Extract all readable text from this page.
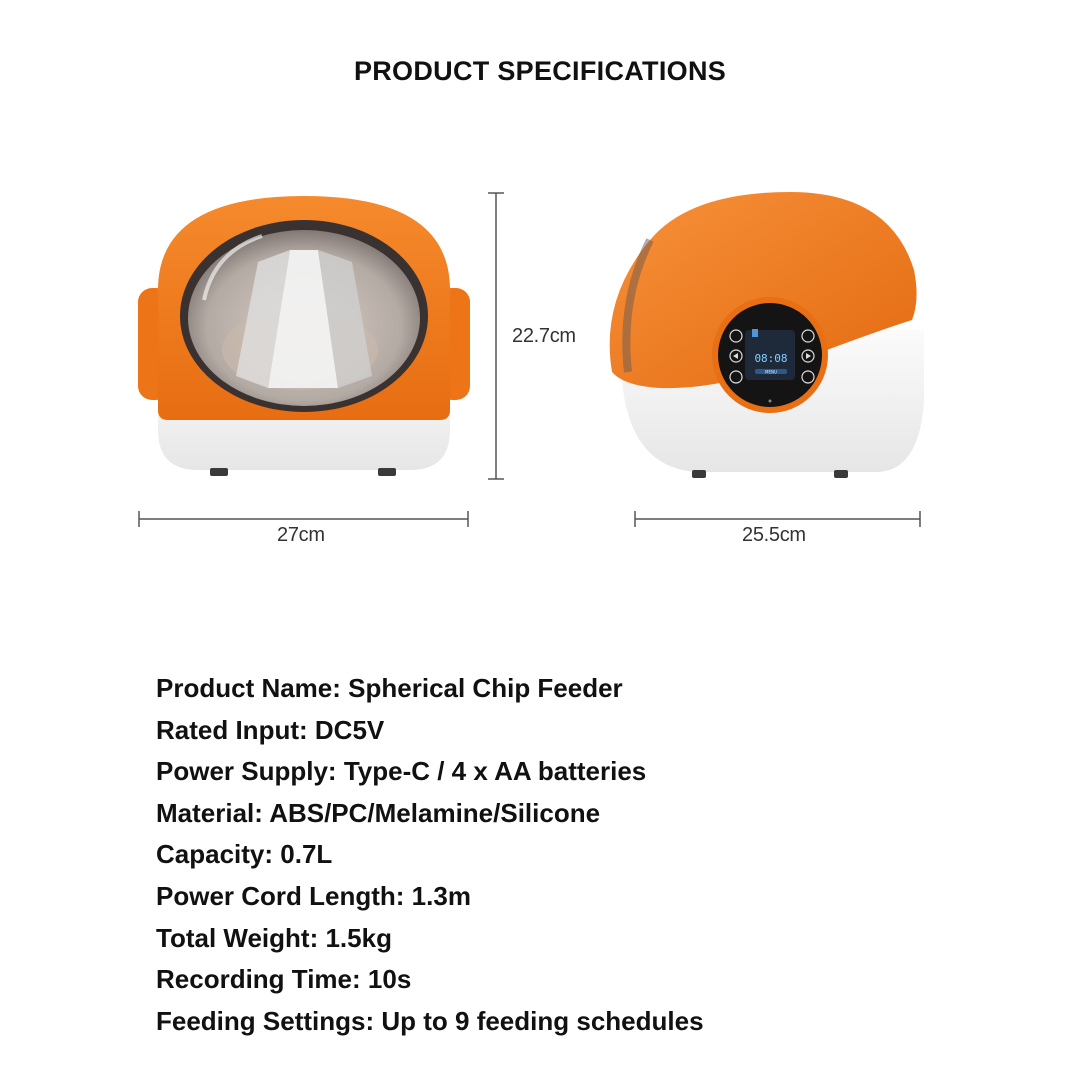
PRODUCT SPECIFICATIONS
08:08
MENU
22.7cm
27cm	25.5cm
Product Name: Spherical Chip Feeder
Rated Input: DC5V
Power Supply: Type-C / 4 x AA batteries
Material: ABS/PC/Melamine/Silicone
Capacity: 0.7L
Power Cord Length: 1.3m
Total Weight: 1.5kg
Recording Time: 10s
Feeding Settings: Up to 9 feeding schedules
